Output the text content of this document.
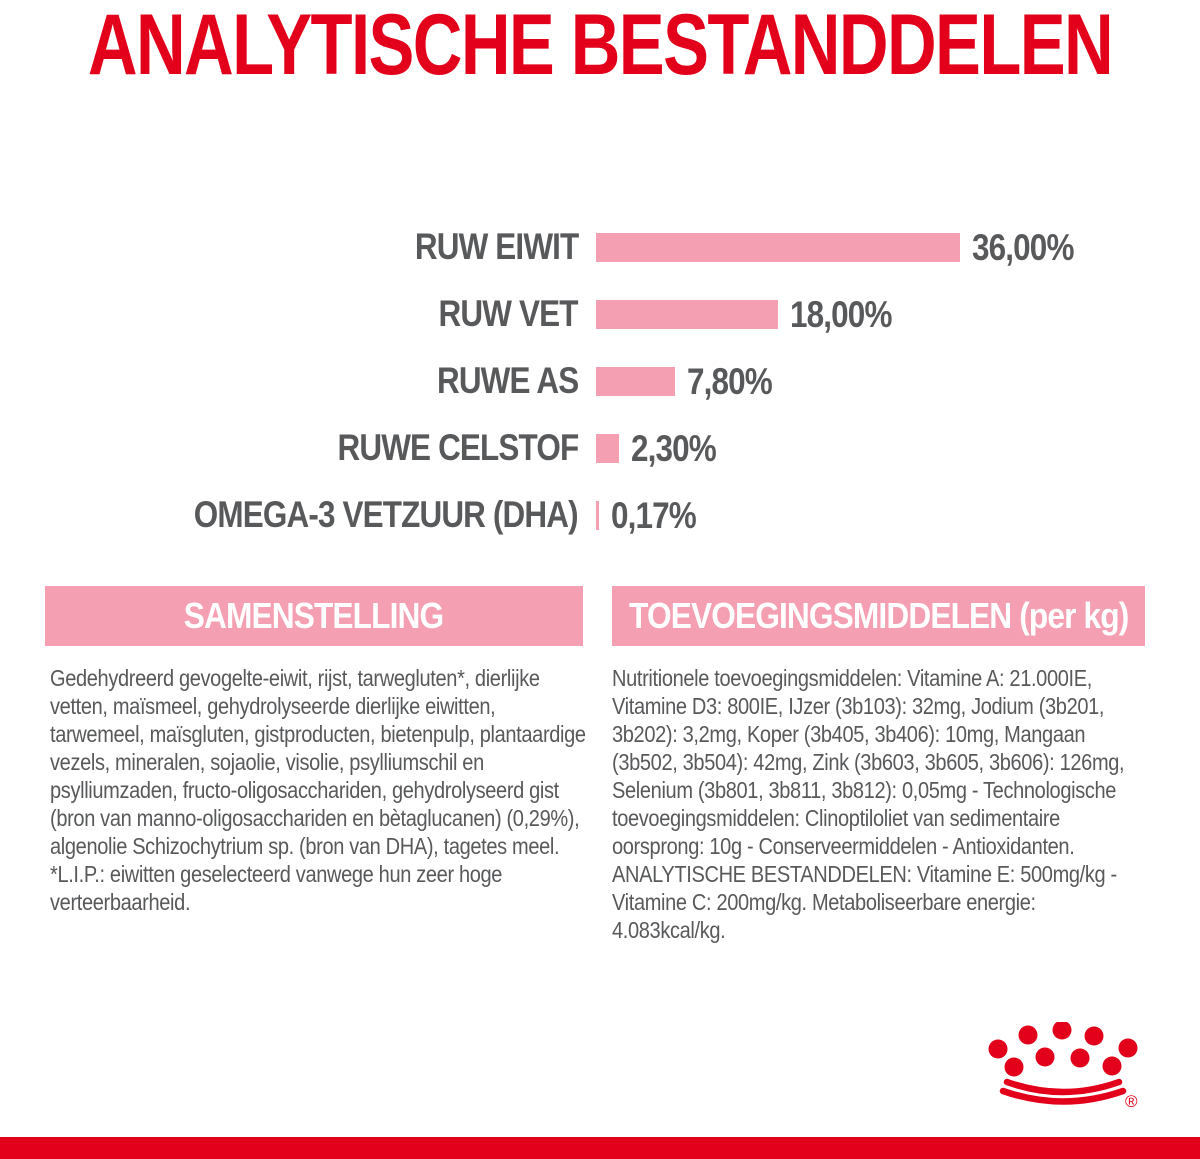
ANALYTISCHE BESTANDDELEN
RUW EIWIT	36,00%
RUW VET	18,00%
RUWE AS	7,80%
RUWE CELSTOF 2,30%
OMEGA-3 VETZUUR (DHA) 0,17%
SAMENSTELLING	TOEVOEGINGSMIDDELEN (per kg)

Gedehydreerd gevogelte-eiwit, rijst, tarwegluten*, dierlijke vetten, maïsmeel, gehydrolyseerde dierlijke eiwitten, tarwemeel, maïsgluten, gistproducten, bietenpulp, plantaardige vezels, mineralen, sojaolie, visolie, psylliumschil en psylliumzaden, fructo-oligosacchariden, gehydrolyseerd gist (bron van manno-oligosacchariden en bètaglucanen) (0,29%), algenolie Schizochytrium sp. (bron van DHA), tagetes meel.

*L.I.P.: eiwitten geselecteerd vanwege hun zeer hoge verteerbaarheid.

Nutritionele toevoegingsmiddelen: Vitamine A: 21.000IE, Vitamine D3: 800IE, IJzer (3b103): 32mg, Jodium (3b201, 3b202): 3,2mg, Koper (3b405, 3b406): 10mg, Mangaan (3b502, 3b504): 42mg, Zink (3b603, 3b605, 3b606): 126mg, Selenium (3b801, 3b811, 3b812): 0,05mg - Technologische toevoegingsmiddelen: Clinoptiloliet van sedimentaire oorsprong: 10g - Conserveermiddelen - Antioxidanten. ANALYTISCHE BESTANDDELEN: Vitamine E: 500mg/kg - Vitamine C: 200mg/kg. Metaboliseerbare energie: 4.083kcal/kg.

®
